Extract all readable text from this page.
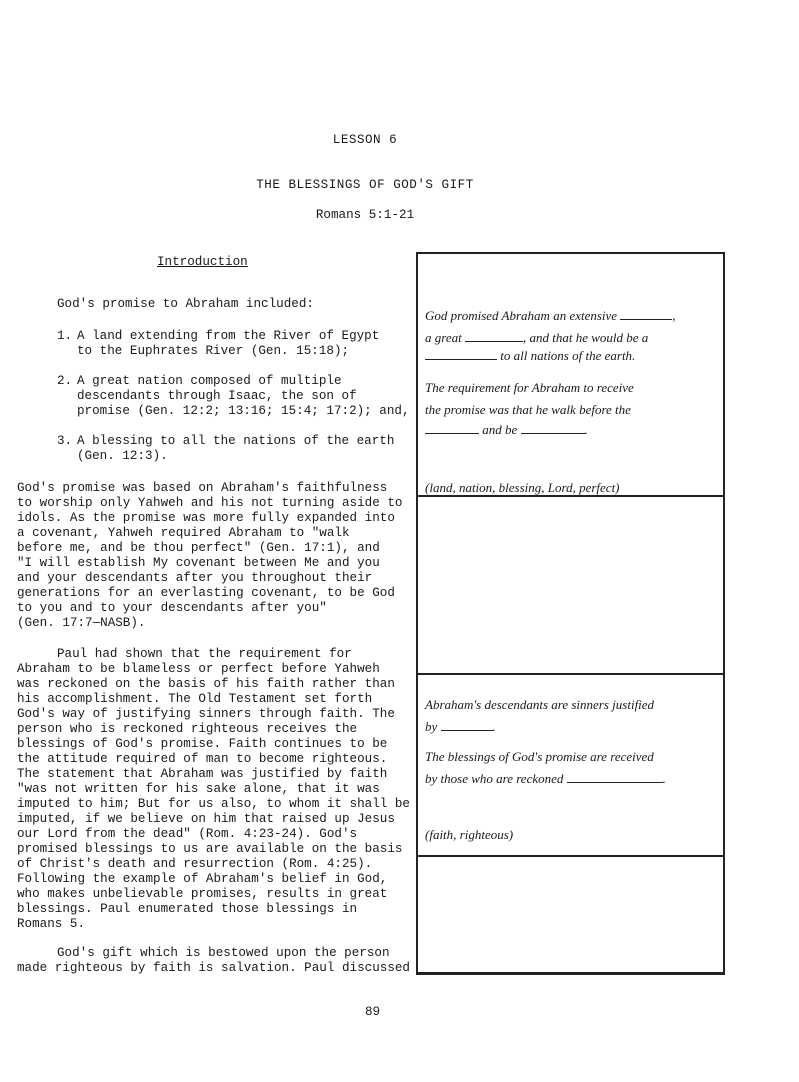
LESSON 6
THE BLESSINGS OF GOD'S GIFT
Romans 5:1-21
Introduction
God's promise to Abraham included:
1. A land extending from the River of Egypt
to the Euphrates River (Gen. 15:18);
2. A great nation composed of multiple
descendants through Isaac, the son of
promise (Gen. 12:2; 13:16; 15:4; 17:2); and,
3. A blessing to all the nations of the earth
(Gen. 12:3).
God's promise was based on Abraham's faithfulness
to worship only Yahweh and his not turning aside to
idols. As the promise was more fully expanded into
a covenant, Yahweh required Abraham to "walk
before me, and be thou perfect" (Gen. 17:1), and
"I will establish My covenant between Me and you
and your descendants after you throughout their
generations for an everlasting covenant, to be God
to you and to your descendants after you"
(Gen. 17:7—NASB).
Paul had shown that the requirement for
Abraham to be blameless or perfect before Yahweh
was reckoned on the basis of his faith rather than
his accomplishment. The Old Testament set forth
God's way of justifying sinners through faith. The
person who is reckoned righteous receives the
blessings of God's promise. Faith continues to be
the attitude required of man to become righteous.
The statement that Abraham was justified by faith
"was not written for his sake alone, that it was
imputed to him; But for us also, to whom it shall be
imputed, if we believe on him that raised up Jesus
our Lord from the dead" (Rom. 4:23-24). God's
promised blessings to us are available on the basis
of Christ's death and resurrection (Rom. 4:25).
Following the example of Abraham's belief in God,
who makes unbelievable promises, results in great
blessings. Paul enumerated those blessings in
Romans 5.
God's gift which is bestowed upon the person
made righteous by faith is salvation. Paul discussed
God promised Abraham an extensive	,
a great	, and that he would be a
to all nations of the earth.
The requirement for Abraham to receive
the promise was that he walk before the
and be	.
(land, nation, blessing, Lord, perfect)
Abraham's descendants are sinners justified
by	.
The blessings of God's promise are received
by those who are reckoned	.
(faith, righteous)
89
